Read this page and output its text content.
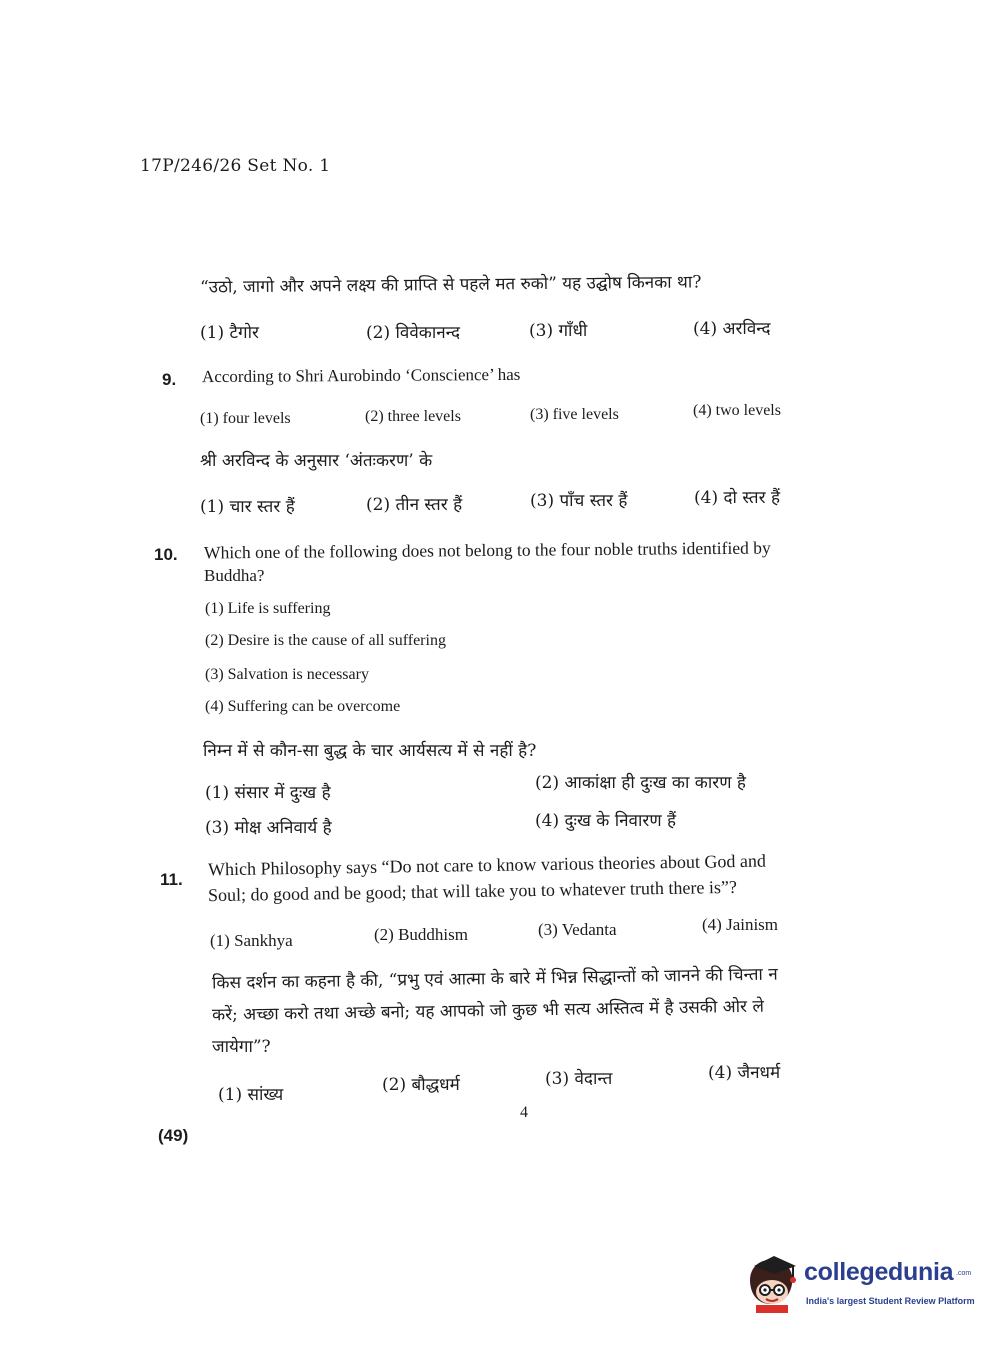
17P/246/26 Set No. 1
“उठो, जागो और अपने लक्ष्य की प्राप्ति से पहले मत रुको” यह उद्घोष किनका था?
(1) टैगोर	(2) विवेकानन्द	(3) गाँधी	(4) अरविन्द
9. According to Shri Aurobindo ‘Conscience’ has
(1) four levels	(2) three levels	(3) five levels	(4) two levels
श्री अरविन्द के अनुसार ‘अंतःकरण’ के
(1) चार स्तर हैं	(2) तीन स्तर हैं	(3) पाँच स्तर हैं	(4) दो स्तर हैं
10. Which one of the following does not belong to the four noble truths identified by
Buddha?
(1) Life is suffering
(2) Desire is the cause of all suffering
(3) Salvation is necessary
(4) Suffering can be overcome
निम्न में से कौन-सा बुद्ध के चार आर्यसत्य में से नहीं है?
(1) संसार में दुःख है	(2) आकांक्षा ही दुःख का कारण है
(3) मोक्ष अनिवार्य है	(4) दुःख के निवारण हैं
11.
Which Philosophy says “Do not care to know various theories about God and
Soul; do good and be good; that will take you to whatever truth there is”?
(1) Sankhya	(2) Buddhism	(3) Vedanta	(4) Jainism
किस दर्शन का कहना है की, “प्रभु एवं आत्मा के बारे में भिन्न सिद्धान्तों को जानने की चिन्ता न
करें; अच्छा करो तथा अच्छे बनो; यह आपको जो कुछ भी सत्य अस्तित्व में है उसकी ओर ले
जायेगा”?
(1) सांख्य	(2) बौद्धधर्म	(3) वेदान्त	(4) जैनधर्म
4
(49)
collegedunia .com
India's largest Student Review Platform
